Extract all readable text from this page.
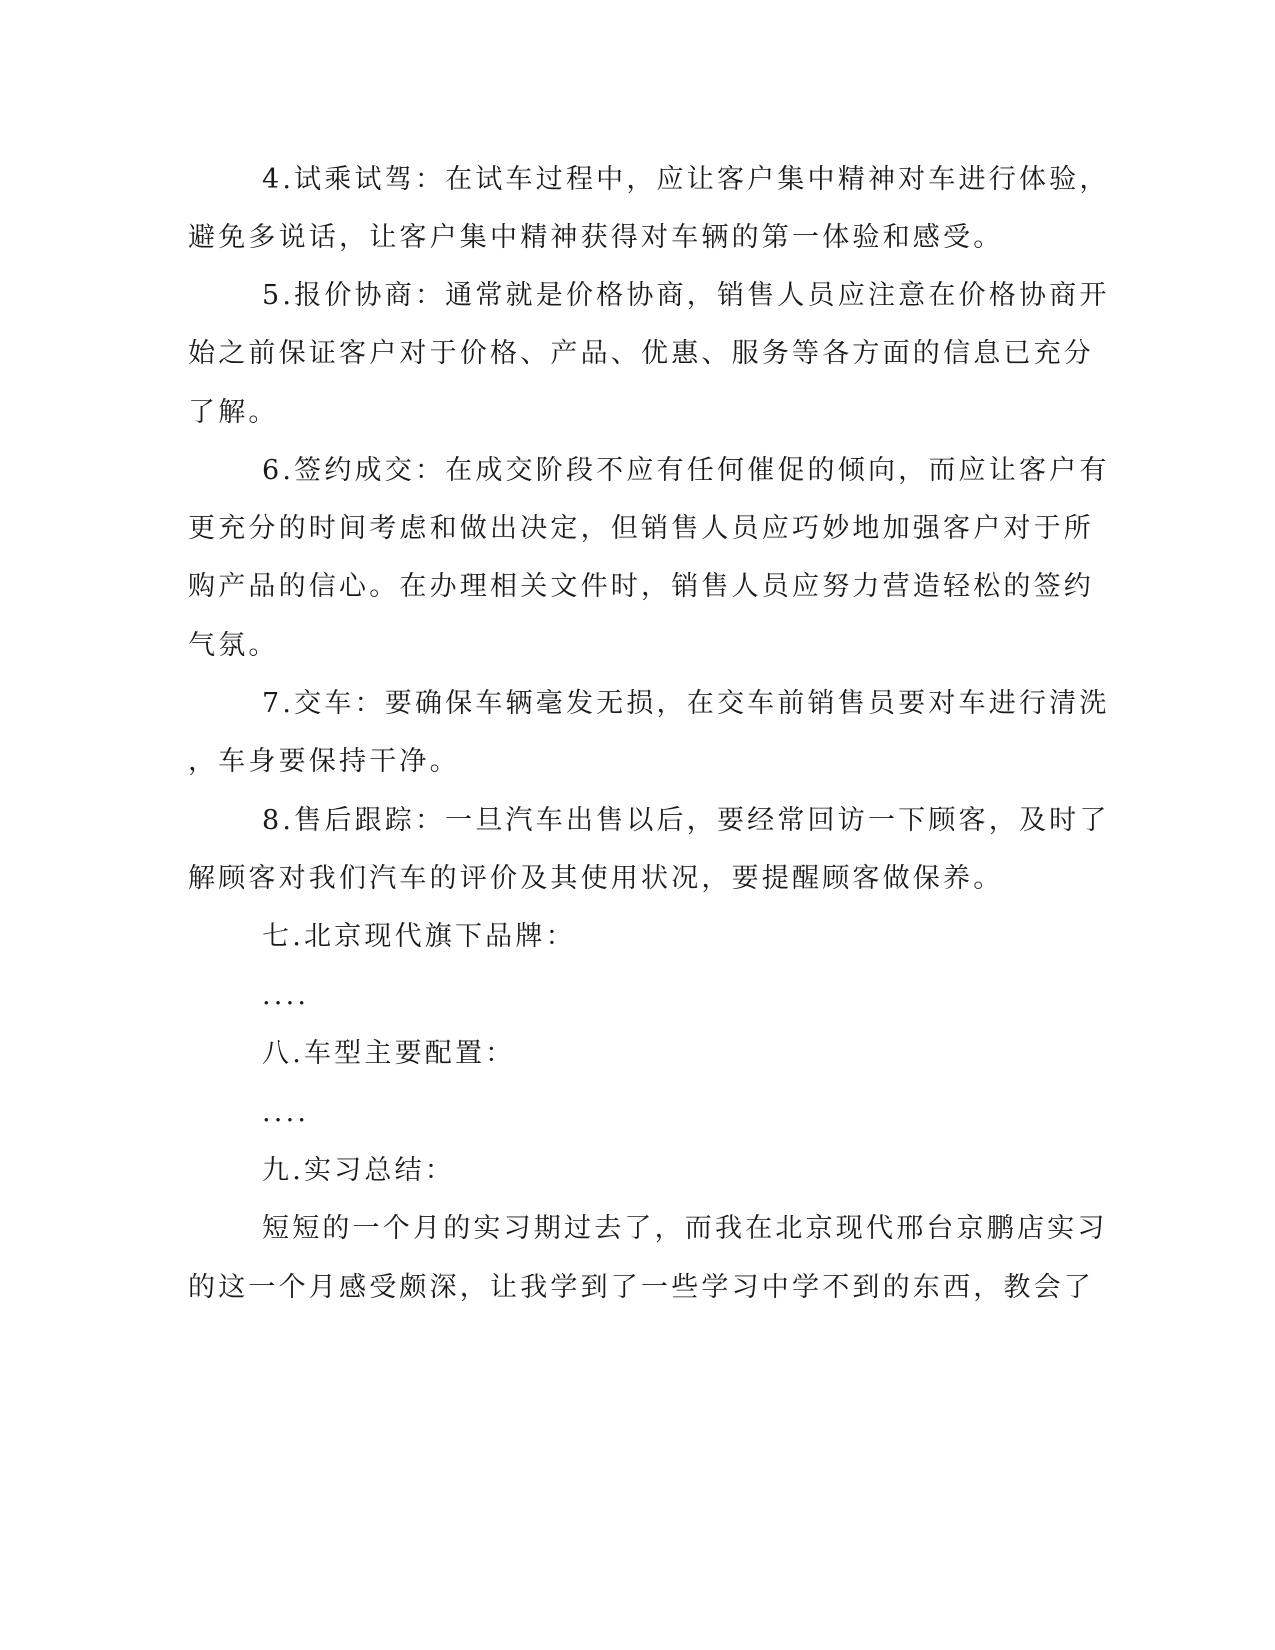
4.试乘试驾：在试车过程中，应让客户集中精神对车进行体验，
避免多说话，让客户集中精神获得对车辆的第一体验和感受。
5.报价协商：通常就是价格协商，销售人员应注意在价格协商开
始之前保证客户对于价格、产品、优惠、服务等各方面的信息已充分
了解。
6.签约成交：在成交阶段不应有任何催促的倾向，而应让客户有
更充分的时间考虑和做出决定，但销售人员应巧妙地加强客户对于所
购产品的信心。在办理相关文件时，销售人员应努力营造轻松的签约
气氛。
7.交车：要确保车辆毫发无损，在交车前销售员要对车进行清洗
，车身要保持干净。
8.售后跟踪：一旦汽车出售以后，要经常回访一下顾客，及时了
解顾客对我们汽车的评价及其使用状况，要提醒顾客做保养。
七.北京现代旗下品牌：
....
八.车型主要配置：
....
九.实习总结：
短短的一个月的实习期过去了，而我在北京现代邢台京鹏店实习
的这一个月感受颇深，让我学到了一些学习中学不到的东西，教会了
